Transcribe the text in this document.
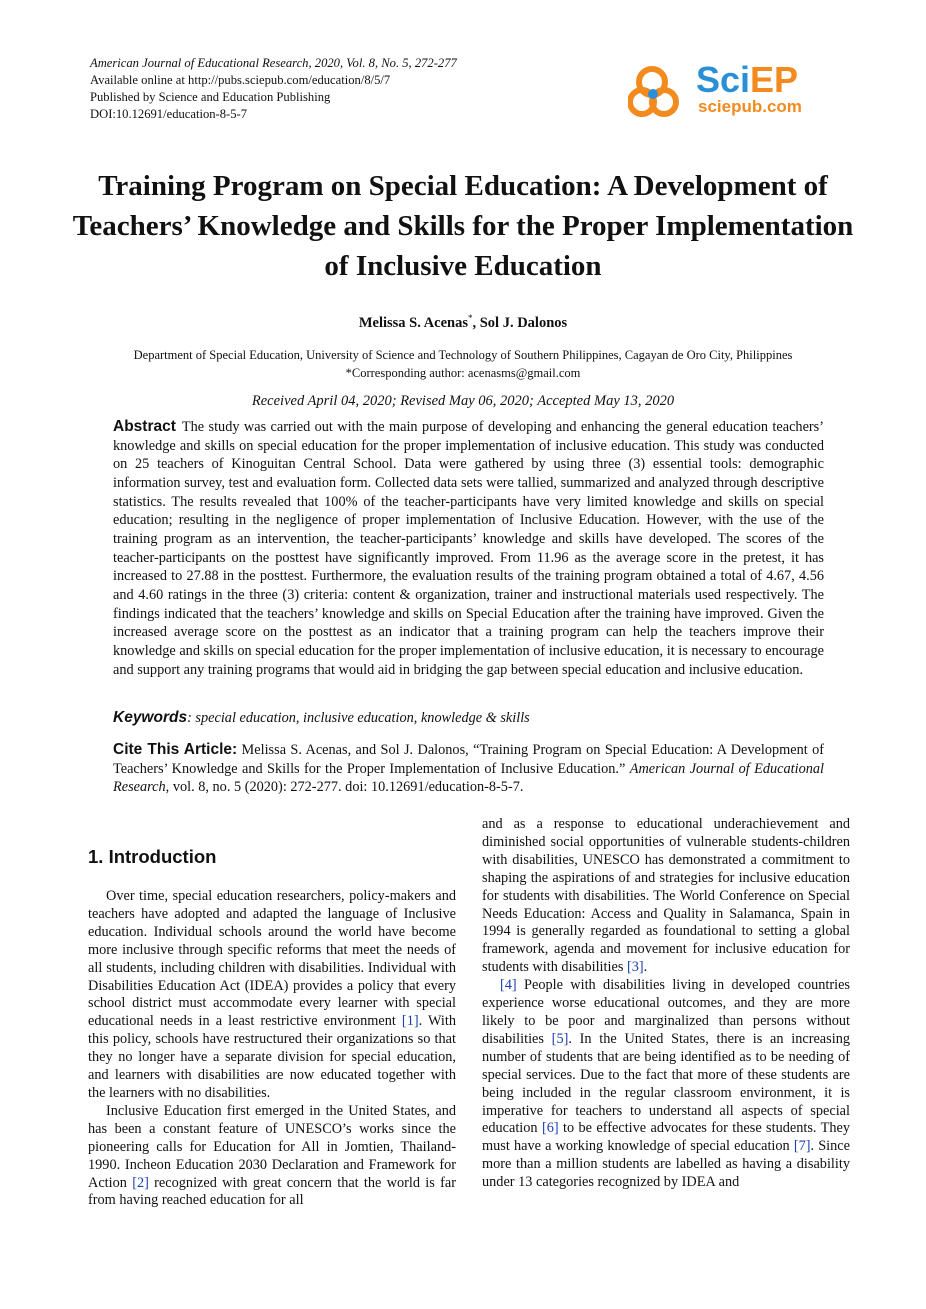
American Journal of Educational Research, 2020, Vol. 8, No. 5, 272-277
Available online at http://pubs.sciepub.com/education/8/5/7
Published by Science and Education Publishing
DOI:10.12691/education-8-5-7
SciEP
sciepub.com
Training Program on Special Education: A Development of Teachers’ Knowledge and Skills for the Proper Implementation of Inclusive Education
Melissa S. Acenas*, Sol J. Dalonos
Department of Special Education, University of Science and Technology of Southern Philippines, Cagayan de Oro City, Philippines
*Corresponding author: acenasms@gmail.com
Received April 04, 2020; Revised May 06, 2020; Accepted May 13, 2020
Abstract The study was carried out with the main purpose of developing and enhancing the general education teachers’ knowledge and skills on special education for the proper implementation of inclusive education. This study was conducted on 25 teachers of Kinoguitan Central School. Data were gathered by using three (3) essential tools: demographic information survey, test and evaluation form. Collected data sets were tallied, summarized and analyzed through descriptive statistics. The results revealed that 100% of the teacher-participants have very limited knowledge and skills on special education; resulting in the negligence of proper implementation of Inclusive Education. However, with the use of the training program as an intervention, the teacher-participants’ knowledge and skills have developed. The scores of the teacher-participants on the posttest have significantly improved. From 11.96 as the average score in the pretest, it has increased to 27.88 in the posttest. Furthermore, the evaluation results of the training program obtained a total of 4.67, 4.56 and 4.60 ratings in the three (3) criteria: content & organization, trainer and instructional materials used respectively. The findings indicated that the teachers’ knowledge and skills on Special Education after the training have improved. Given the increased average score on the posttest as an indicator that a training program can help the teachers improve their knowledge and skills on special education for the proper implementation of inclusive education, it is necessary to encourage and support any training programs that would aid in bridging the gap between special education and inclusive education.
Keywords: special education, inclusive education, knowledge & skills
Cite This Article: Melissa S. Acenas, and Sol J. Dalonos, “Training Program on Special Education: A Development of Teachers’ Knowledge and Skills for the Proper Implementation of Inclusive Education.” American Journal of Educational Research, vol. 8, no. 5 (2020): 272-277. doi: 10.12691/education-8-5-7.
1. Introduction

Over time, special education researchers, policy-makers and teachers have adopted and adapted the language of Inclusive education. Individual schools around the world have become more inclusive through specific reforms that meet the needs of all students, including children with disabilities. Individual with Disabilities Education Act (IDEA) provides a policy that every school district must accommodate every learner with special educational needs in a least restrictive environment [ 1 ] . With this policy, schools have restructured their organizations so that they no longer have a separate division for special education, and learners with disabilities are now educated together with the learners with no disabilities.

Inclusive Education first emerged in the United States, and has been a constant feature of UNESCO’s works since the pioneering calls for Education for All in Jomtien, Thailand-1990. Incheon Education 2030 Declaration and Framework for Action [ 2 ] recognized with great concern that the world is far from having reached education for all

and as a response to educational underachievement and diminished social opportunities of vulnerable students-children with disabilities, UNESCO has demonstrated a commitment to shaping the aspirations of and strategies for inclusive education for students with disabilities. The World Conference on Special Needs Education: Access and Quality in Salamanca, Spain in 1994 is generally regarded as foundational to setting a global framework, agenda and movement for inclusive education for students with disabilities [ 3 ] .

[ 4 ] People with disabilities living in developed countries experience worse educational outcomes, and they are more likely to be poor and marginalized than persons without disabilities [ 5 ] . In the United States, there is an increasing number of students that are being identified as to be needing of special services. Due to the fact that more of these students are being included in the regular classroom environment, it is imperative for teachers to understand all aspects of special education [ 6 ] to be effective advocates for these students. They must have a working knowledge of special education [ 7 ] . Since more than a million students are labelled as having a disability under 13 categories recognized by IDEA and
